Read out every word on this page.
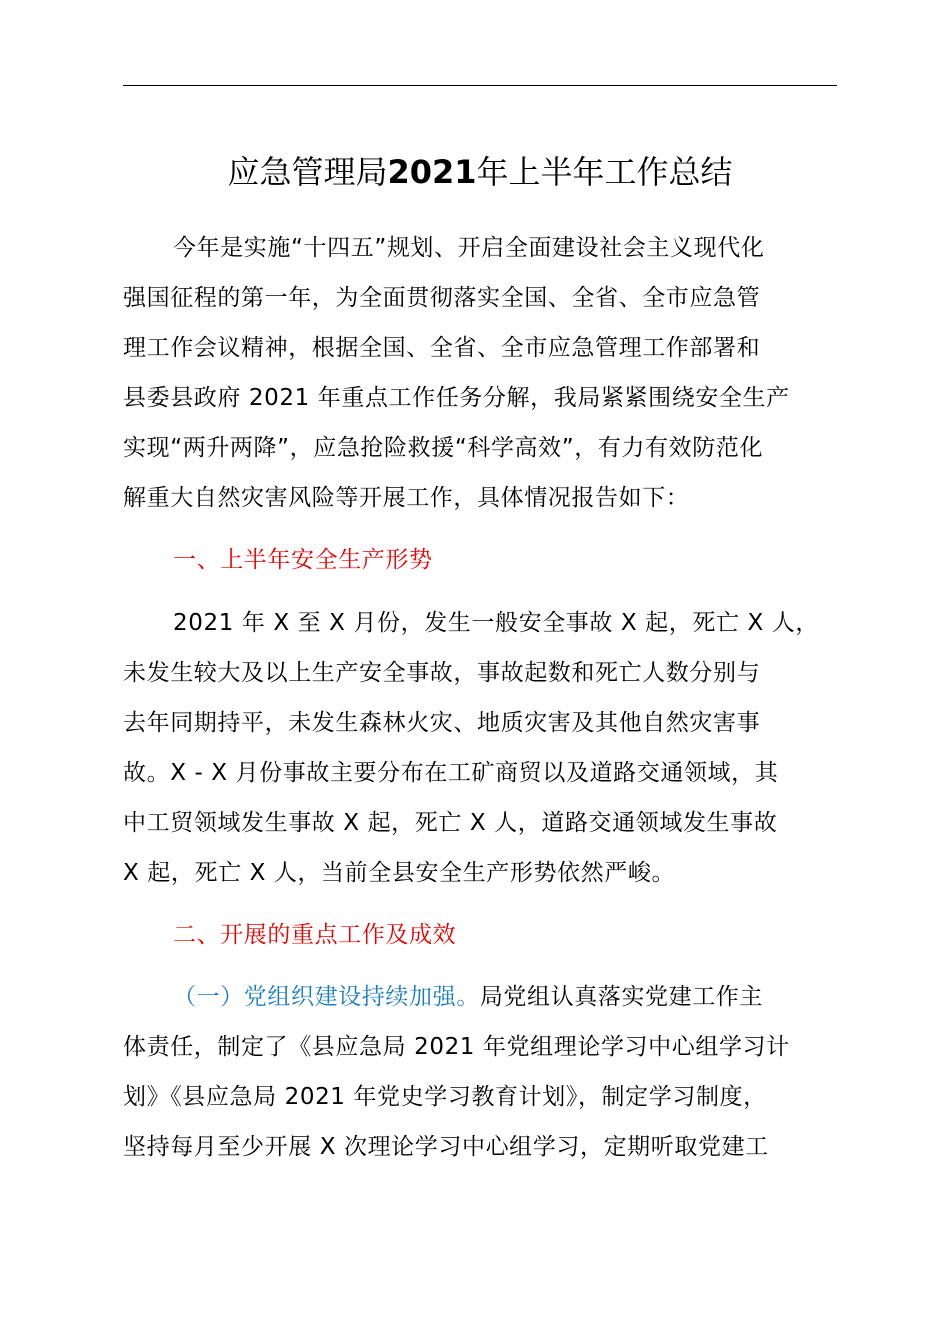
应急管理局2021年上半年工作总结
今年是实施“十四五”规划、开启全面建设社会主义现代化
强国征程的第一年，为全面贯彻落实全国、全省、全市应急管
理工作会议精神，根据全国、全省、全市应急管理工作部署和
县委县政府 2021 年重点工作任务分解，我局紧紧围绕安全生产
实现“两升两降”，应急抢险救援“科学高效”，有力有效防范化
解重大自然灾害风险等开展工作，具体情况报告如下：
一、上半年安全生产形势
2021 年 X 至 X 月份，发生一般安全事故 X 起，死亡 X 人，
未发生较大及以上生产安全事故，事故起数和死亡人数分别与
去年同期持平，未发生森林火灾、地质灾害及其他自然灾害事
故。X - X 月份事故主要分布在工矿商贸以及道路交通领域，其
中工贸领域发生事故 X 起，死亡 X 人，道路交通领域发生事故
X 起，死亡 X 人，当前全县安全生产形势依然严峻。
二、开展的重点工作及成效
（一）党组织建设持续加强。局党组认真落实党建工作主
体责任，制定了《县应急局 2021 年党组理论学习中心组学习计
划》《县应急局 2021 年党史学习教育计划》，制定学习制度，
坚持每月至少开展 X 次理论学习中心组学习，定期听取党建工
